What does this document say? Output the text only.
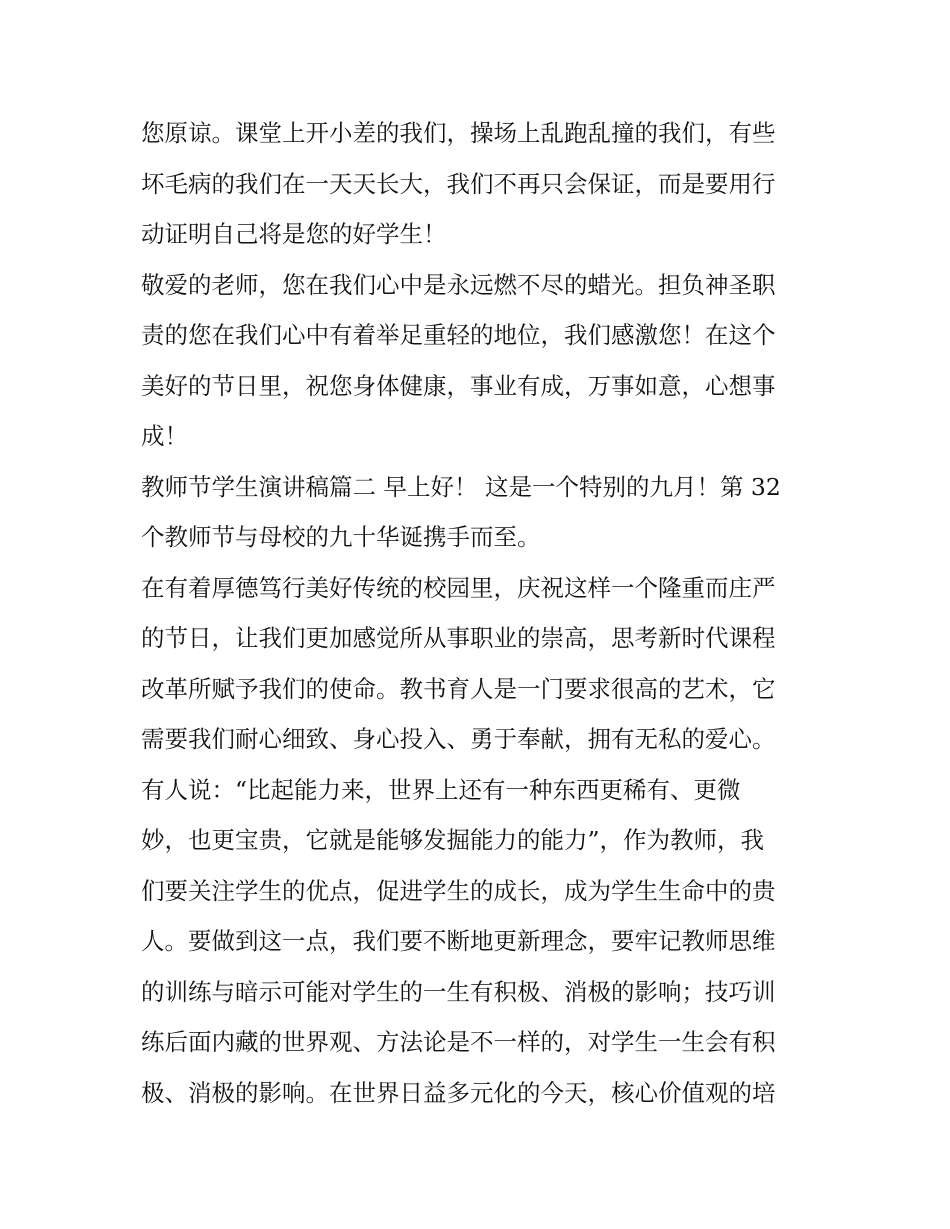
您原谅。课堂上开小差的我们，操场上乱跑乱撞的我们，有些
坏毛病的我们在一天天长大，我们不再只会保证，而是要用行
动证明自己将是您的好学生！
敬爱的老师，您在我们心中是永远燃不尽的蜡光。担负神圣职
责的您在我们心中有着举足重轻的地位，我们感激您！在这个
美好的节日里，祝您身体健康，事业有成，万事如意，心想事
成！
教师节学生演讲稿篇二 早上好！ 这是一个特别的九月！第 32
个教师节与母校的九十华诞携手而至。
在有着厚德笃行美好传统的校园里，庆祝这样一个隆重而庄严
的节日，让我们更加感觉所从事职业的崇高，思考新时代课程
改革所赋予我们的使命。教书育人是一门要求很高的艺术，它
需要我们耐心细致、身心投入、勇于奉献，拥有无私的爱心。
有人说：“比起能力来，世界上还有一种东西更稀有、更微
妙，也更宝贵，它就是能够发掘能力的能力”，作为教师，我
们要关注学生的优点，促进学生的成长，成为学生生命中的贵
人。要做到这一点，我们要不断地更新理念，要牢记教师思维
的训练与暗示可能对学生的一生有积极、消极的影响；技巧训
练后面内藏的世界观、方法论是不一样的，对学生一生会有积
极、消极的影响。在世界日益多元化的今天，核心价值观的培
